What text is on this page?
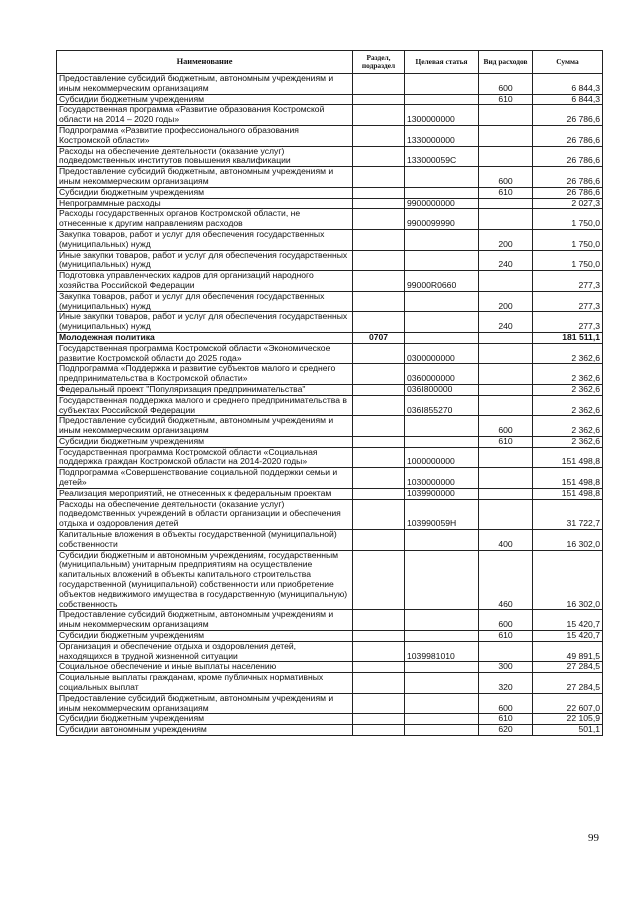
Наименование	Раздел, подраздел	Целевая статья	Вид расходов	Сумма
Предоставление субсидий бюджетным, автономным учреждениям и иным некоммерческим организациям			600	6 844,3
Субсидии бюджетным учреждениям			610	6 844,3
Государственная программа «Развитие образования Костромской области на 2014 – 2020 годы»		1300000000		26 786,6
Подпрограмма «Развитие профессионального образования Костромской области»		1330000000		26 786,6
Расходы на обеспечение деятельности (оказание услуг) подведомственных институтов повышения квалификации		133000059С		26 786,6
Предоставление субсидий бюджетным, автономным учреждениям и иным некоммерческим организациям			600	26 786,6
Субсидии бюджетным учреждениям			610	26 786,6
Непрограммные расходы		9900000000		2 027,3
Расходы государственных органов Костромской области, не отнесенные к другим направлениям расходов		9900099990		1 750,0
Закупка товаров, работ и услуг для обеспечения государственных (муниципальных) нужд			200	1 750,0
Иные закупки товаров, работ и услуг для обеспечения государственных (муниципальных) нужд			240	1 750,0
Подготовка управленческих кадров для организаций народного хозяйства Российской Федерации		99000R0660		277,3
Закупка товаров, работ и услуг для обеспечения государственных (муниципальных) нужд			200	277,3
Иные закупки товаров, работ и услуг для обеспечения государственных (муниципальных) нужд			240	277,3
Молодежная политика	0707			181 511,1
Государственная программа Костромской области «Экономическое развитие Костромской области до 2025 года»		0300000000		2 362,6
Подпрограмма «Поддержка и развитие субъектов малого и среднего предпринимательства в Костромской области»		0360000000		2 362,6
Федеральный проект "Популяризация предпринимательства"		036I800000		2 362,6
Государственная поддержка малого и среднего предпринимательства в субъектах Российской Федерации		036I855270		2 362,6
Предоставление субсидий бюджетным, автономным учреждениям и иным некоммерческим организациям			600	2 362,6
Субсидии бюджетным учреждениям			610	2 362,6
Государственная программа Костромской области «Социальная поддержка граждан Костромской области на 2014-2020 годы»		1000000000		151 498,8
Подпрограмма «Совершенствование социальной поддержки семьи и детей»		1030000000		151 498,8
Реализация мероприятий, не отнесенных к федеральным проектам		1039900000		151 498,8
Расходы на обеспечение деятельности (оказание услуг) подведомственных учреждений в области организации и обеспечения отдыха и оздоровления детей		103990059Н		31 722,7
Капитальные вложения в объекты государственной (муниципальной) собственности			400	16 302,0
Субсидии бюджетным и автономным учреждениям, государственным (муниципальным) унитарным предприятиям на осуществление капитальных вложений в объекты капитального строительства государственной (муниципальной) собственности или приобретение объектов недвижимого имущества в государственную (муниципальную) собственность			460	16 302,0
Предоставление субсидий бюджетным, автономным учреждениям и иным некоммерческим организациям			600	15 420,7
Субсидии бюджетным учреждениям			610	15 420,7
Организация и обеспечение отдыха и оздоровления детей, находящихся в трудной жизненной ситуации		1039981010		49 891,5
Социальное обеспечение и иные выплаты населению			300	27 284,5
Социальные выплаты гражданам, кроме публичных нормативных социальных выплат			320	27 284,5
Предоставление субсидий бюджетным, автономным учреждениям и иным некоммерческим организациям			600	22 607,0
Субсидии бюджетным учреждениям			610	22 105,9
Субсидии автономным учреждениям			620	501,1
99
